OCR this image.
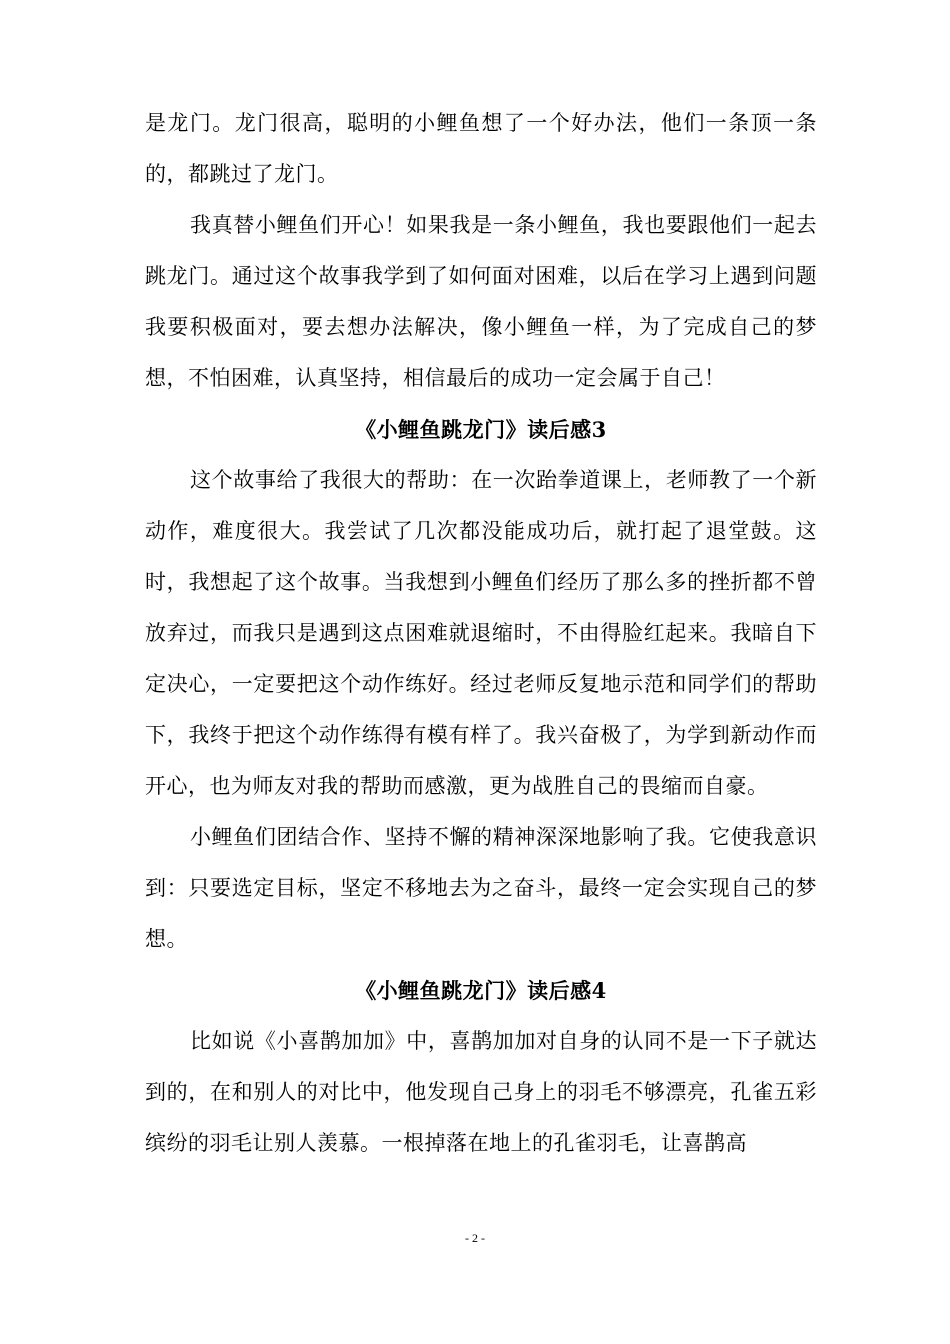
是龙门。龙门很高，聪明的小鲤鱼想了一个好办法，他们一条顶一条的，都跳过了龙门。

我真替小鲤鱼们开心！如果我是一条小鲤鱼，我也要跟他们一起去跳龙门。通过这个故事我学到了如何面对困难，以后在学习上遇到问题我要积极面对，要去想办法解决，像小鲤鱼一样，为了完成自己的梦想，不怕困难，认真坚持，相信最后的成功一定会属于自己！

《小鲤鱼跳龙门》读后感3

这个故事给了我很大的帮助：在一次跆拳道课上，老师教了一个新动作，难度很大。我尝试了几次都没能成功后，就打起了退堂鼓。这时，我想起了这个故事。当我想到小鲤鱼们经历了那么多的挫折都不曾放弃过，而我只是遇到这点困难就退缩时，不由得脸红起来。我暗自下定决心，一定要把这个动作练好。经过老师反复地示范和同学们的帮助下，我终于把这个动作练得有模有样了。我兴奋极了，为学到新动作而开心，也为师友对我的帮助而感激，更为战胜自己的畏缩而自豪。

小鲤鱼们团结合作、坚持不懈的精神深深地影响了我。它使我意识到：只要选定目标，坚定不移地去为之奋斗，最终一定会实现自己的梦想。

《小鲤鱼跳龙门》读后感4

比如说《小喜鹊加加》中，喜鹊加加对自身的认同不是一下子就达到的，在和别人的对比中，他发现自己身上的羽毛不够漂亮，孔雀五彩缤纷的羽毛让别人羡慕。一根掉落在地上的孔雀羽毛，让喜鹊高

- 2 -
